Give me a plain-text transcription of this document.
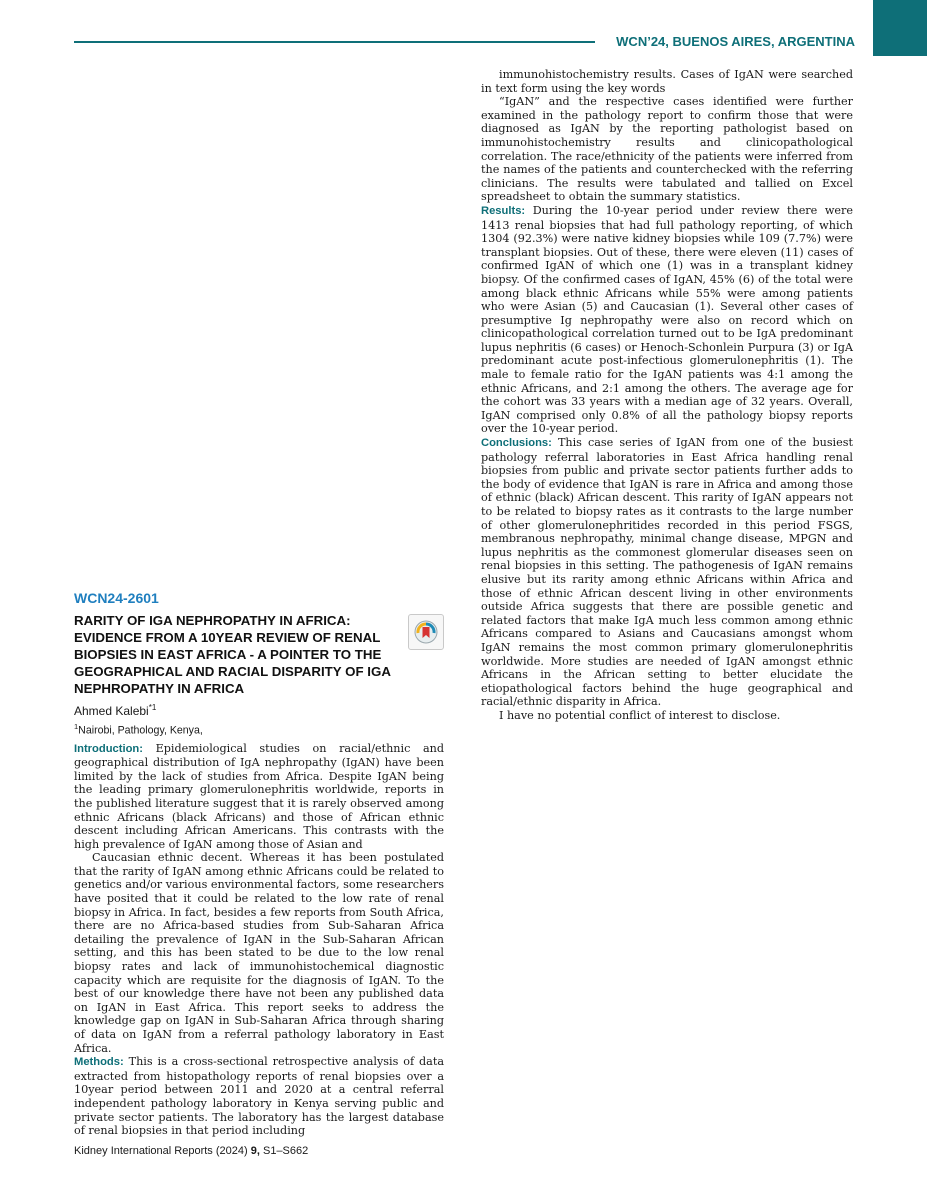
WCN’24, BUENOS AIRES, ARGENTINA

immunohistochemistry results. Cases of IgAN were searched in text form using the key words

“IgAN” and the respective cases identified were further examined in the pathology report to confirm those that were diagnosed as IgAN by the reporting pathologist based on immunohistochemistry results and clinicopathological correlation. The race/ethnicity of the patients were inferred from the names of the patients and counterchecked with the referring clinicians. The results were tabulated and tallied on Excel spreadsheet to obtain the summary statistics.

Results: During the 10-year period under review there were 1413 renal biopsies that had full pathology reporting, of which 1304 (92.3%) were native kidney biopsies while 109 (7.7%) were transplant biopsies. Out of these, there were eleven (11) cases of confirmed IgAN of which one (1) was in a transplant kidney biopsy. Of the confirmed cases of IgAN, 45% (6) of the total were among black ethnic Africans while 55% were among patients who were Asian (5) and Caucasian (1). Several other cases of presumptive Ig nephropathy were also on record which on clinicopathological correlation turned out to be IgA predominant lupus nephritis (6 cases) or Henoch-Schonlein Purpura (3) or IgA predominant acute post-infectious glomerulonephritis (1). The male to female ratio for the IgAN patients was 4:1 among the ethnic Africans, and 2:1 among the others. The average age for the cohort was 33 years with a median age of 32 years. Overall, IgAN comprised only 0.8% of all the pathology biopsy reports over the 10-year period.

Conclusions: This case series of IgAN from one of the busiest pathology referral laboratories in East Africa handling renal biopsies from public and private sector patients further adds to the body of evidence that IgAN is rare in Africa and among those of ethnic (black) African descent. This rarity of IgAN appears not to be related to biopsy rates as it contrasts to the large number of other glomerulonephritides recorded in this period FSGS, membranous nephropathy, minimal change disease, MPGN and lupus nephritis as the commonest glomerular diseases seen on renal biopsies in this setting. The pathogenesis of IgAN remains elusive but its rarity among ethnic Africans within Africa and those of ethnic African descent living in other environments outside Africa suggests that there are possible genetic and related factors that make IgA much less common among ethnic Africans compared to Asians and Caucasians amongst whom IgAN remains the most common primary glomerulonephritis worldwide. More studies are needed of IgAN amongst ethnic Africans in the African setting to better elucidate the etiopathological factors behind the huge geographical and racial/ethnic disparity in Africa.

I have no potential conflict of interest to disclose.

WCN24-2601
RARITY OF IGA NEPHROPATHY IN AFRICA: EVIDENCE FROM A 10YEAR REVIEW OF RENAL BIOPSIES IN EAST AFRICA - A POINTER TO THE GEOGRAPHICAL AND RACIAL DISPARITY OF IGA NEPHROPATHY IN AFRICA
Ahmed Kalebi$^{*1}$
$^1$Nairobi, Pathology, Kenya,

Introduction: Epidemiological studies on racial/ethnic and geographical distribution of IgA nephropathy (IgAN) have been limited by the lack of studies from Africa. Despite IgAN being the leading primary glomerulonephritis worldwide, reports in the published literature suggest that it is rarely observed among ethnic Africans (black Africans) and those of African ethnic descent including African Americans. This contrasts with the high prevalence of IgAN among those of Asian and

Caucasian ethnic decent. Whereas it has been postulated that the rarity of IgAN among ethnic Africans could be related to genetics and/or various environmental factors, some researchers have posited that it could be related to the low rate of renal biopsy in Africa. In fact, besides a few reports from South Africa, there are no Africa-based studies from Sub-Saharan Africa detailing the prevalence of IgAN in the Sub-Saharan African setting, and this has been stated to be due to the low renal biopsy rates and lack of immunohistochemical diagnostic capacity which are requisite for the diagnosis of IgAN. To the best of our knowledge there have not been any published data on IgAN in East Africa. This report seeks to address the knowledge gap on IgAN in Sub-Saharan Africa through sharing of data on IgAN from a referral pathology laboratory in East Africa.

Methods: This is a cross-sectional retrospective analysis of data extracted from histopathology reports of renal biopsies over a 10year period between 2011 and 2020 at a central referral independent pathology laboratory in Kenya serving public and private sector patients. The laboratory has the largest database of renal biopsies in that period including

Kidney International Reports (2024) 9, S1–S662
